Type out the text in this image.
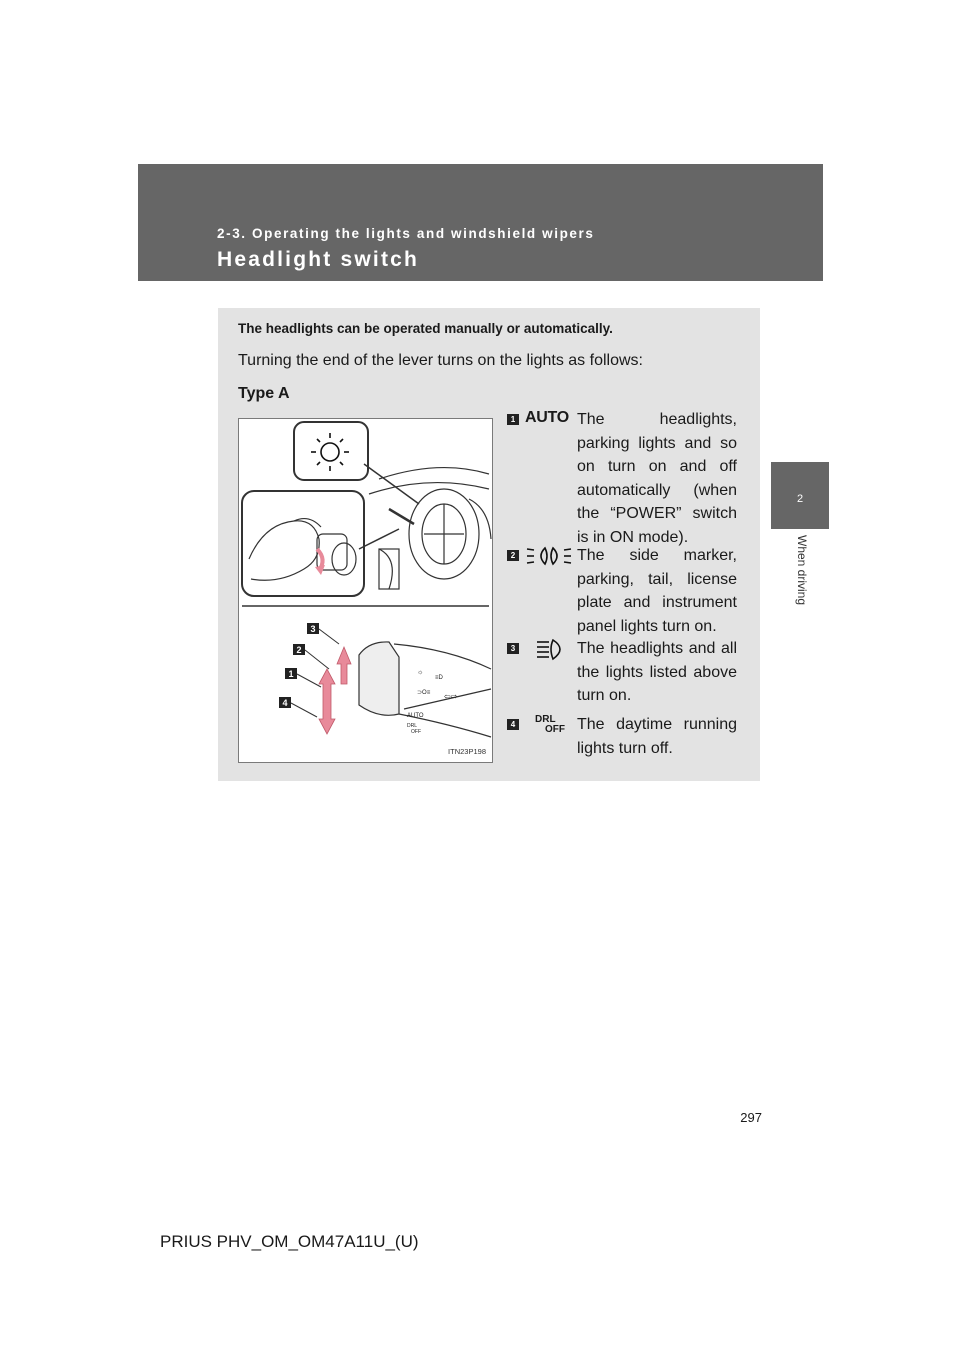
2-3. Operating the lights and windshield wipers
Headlight switch
2
When driving
The headlights can be operated manually or automatically.
Turning the end of the lever turns on the lights as follows:
Type A
☼
≡D
⊃O≡ ⇦⇨
AUTO
DRL
OFF
3
2
1
4
ITN23P198
1 AUTO The headlights, parking lights and so on turn on and off automatically (when the “POWER” switch is in ON mode).

2	The side marker, parking, tail, license plate and instrument panel lights turn on.

3	The headlights and all the lights listed above turn on.

4	DRL
OFF The daytime running lights turn off.

297
PRIUS PHV_OM_OM47A11U_(U)
